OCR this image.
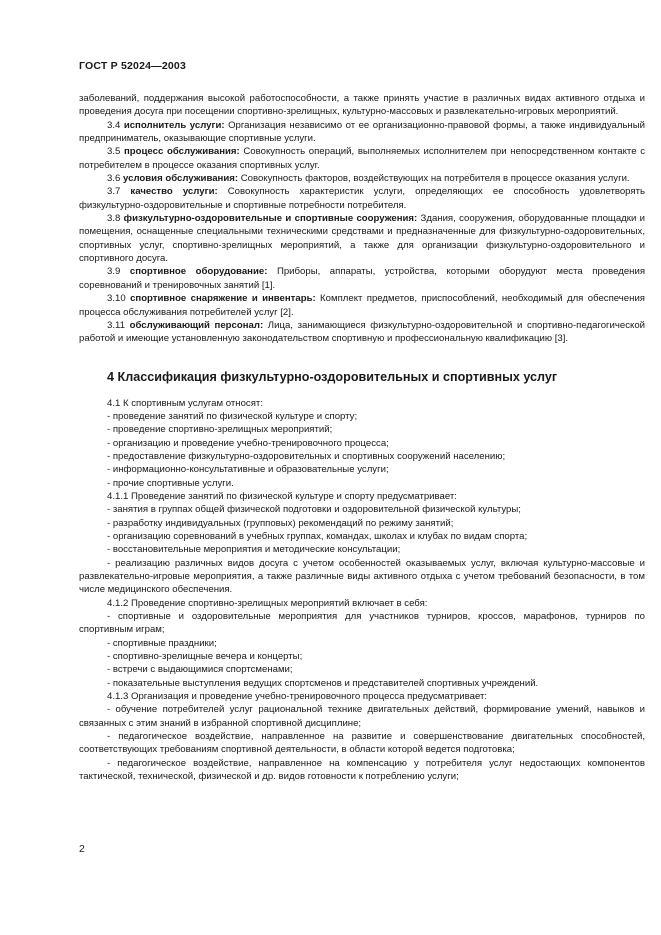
ГОСТ Р 52024—2003

заболеваний, поддержания высокой работоспособности, а также принять участие в различных видах активного отдыха и проведения досуга при посещении спортивно-зрелищных, культурно-массовых и развлекательно-игровых мероприятий.

3.4 исполнитель услуги: Организация независимо от ее организационно-правовой формы, а также индивидуальный предприниматель, оказывающие спортивные услуги.

3.5 процесс обслуживания: Совокупность операций, выполняемых исполнителем при непосредственном контакте с потребителем в процессе оказания спортивных услуг.

3.6 условия обслуживания: Совокупность факторов, воздействующих на потребителя в процессе оказания услуги.

3.7 качество услуги: Совокупность характеристик услуги, определяющих ее способность удовлетворять физкультурно-оздоровительные и спортивные потребности потребителя.

3.8 физкультурно-оздоровительные и спортивные сооружения: Здания, сооружения, оборудованные площадки и помещения, оснащенные специальными техническими средствами и предназначенные для физкультурно-оздоровительных, спортивных услуг, спортивно-зрелищных мероприятий, а также для организации физкультурно-оздоровительного и спортивного досуга.

3.9 спортивное оборудование: Приборы, аппараты, устройства, которыми оборудуют места проведения соревнований и тренировочных занятий [1].

3.10 спортивное снаряжение и инвентарь: Комплект предметов, приспособлений, необходимый для обеспечения процесса обслуживания потребителей услуг [2].

3.11 обслуживающий персонал: Лица, занимающиеся физкультурно-оздоровительной и спортивно-педагогической работой и имеющие установленную законодательством спортивную и профессиональную квалификацию [3].

4 Классификация физкультурно-оздоровительных и спортивных услуг

4.1 К спортивным услугам относят:

- проведение занятий по физической культуре и спорту;

- проведение спортивно-зрелищных мероприятий;

- организацию и проведение учебно-тренировочного процесса;

- предоставление физкультурно-оздоровительных и спортивных сооружений населению;

- информационно-консультативные и образовательные услуги;

- прочие спортивные услуги.

4.1.1 Проведение занятий по физической культуре и спорту предусматривает:

- занятия в группах общей физической подготовки и оздоровительной физической культуры;

- разработку индивидуальных (групповых) рекомендаций по режиму занятий;

- организацию соревнований в учебных группах, командах, школах и клубах по видам спорта;

- восстановительные мероприятия и методические консультации;

- реализацию различных видов досуга с учетом особенностей оказываемых услуг, включая культурно-массовые и развлекательно-игровые мероприятия, а также различные виды активного отдыха с учетом требований безопасности, в том числе медицинского обеспечения.

4.1.2 Проведение спортивно-зрелищных мероприятий включает в себя:

- спортивные и оздоровительные мероприятия для участников турниров, кроссов, марафонов, турниров по спортивным играм;

- спортивные праздники;

- спортивно-зрелищные вечера и концерты;

- встречи с выдающимися спортсменами;

- показательные выступления ведущих спортсменов и представителей спортивных учреждений.

4.1.3 Организация и проведение учебно-тренировочного процесса предусматривает:

- обучение потребителей услуг рациональной технике двигательных действий, формирование умений, навыков и связанных с этим знаний в избранной спортивной дисциплине;

- педагогическое воздействие, направленное на развитие и совершенствование двигательных способностей, соответствующих требованиям спортивной деятельности, в области которой ведется подготовка;

- педагогическое воздействие, направленное на компенсацию у потребителя услуг недостающих компонентов тактической, технической, физической и др. видов готовности к потреблению услуги;

2
